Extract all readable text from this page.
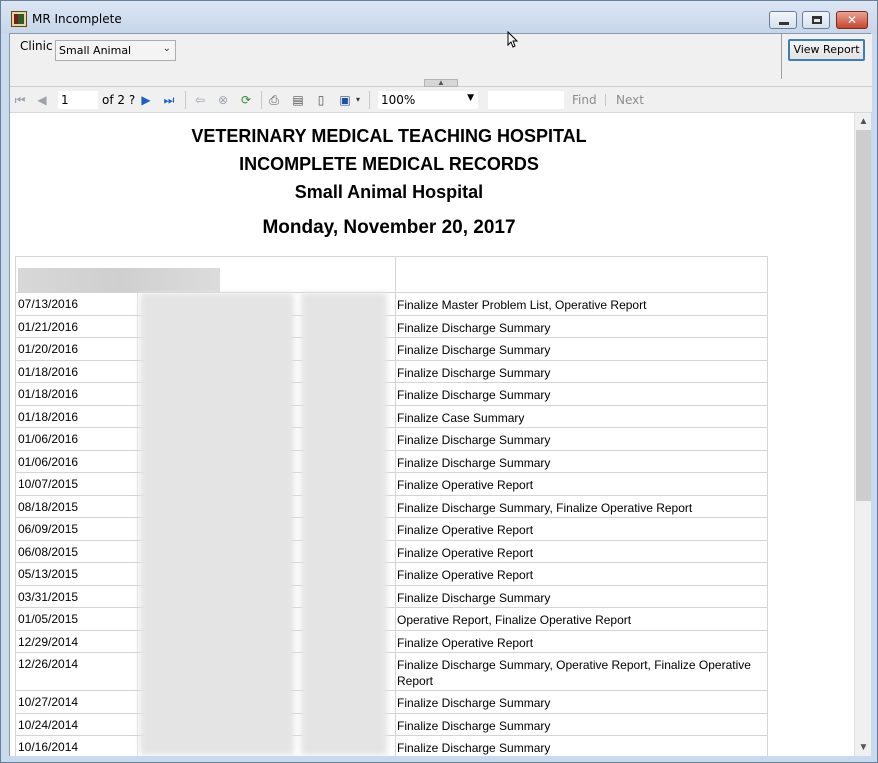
MR Incomplete	✕
Clinic Small Animal	⌄	View Report
▲
⏮ ◀ 1	of 2 ? ▶ ⏭ ⇦ ⊗ ⟳ ⎙ ▤	▯	▣ ▾	100%	▼	Find Next
VETERINARY MEDICAL TEACHING HOSPITAL
INCOMPLETE MEDICAL RECORDS
Small Animal Hospital
Monday, November 20, 2017
07/13/2016	Finalize Master Problem List, Operative Report
01/21/2016	Finalize Discharge Summary
01/20/2016	Finalize Discharge Summary
01/18/2016	Finalize Discharge Summary
01/18/2016	Finalize Discharge Summary
01/18/2016	Finalize Case Summary
01/06/2016	Finalize Discharge Summary
01/06/2016	Finalize Discharge Summary
10/07/2015	Finalize Operative Report
08/18/2015	Finalize Discharge Summary, Finalize Operative Report
06/09/2015	Finalize Operative Report
06/08/2015	Finalize Operative Report
05/13/2015	Finalize Operative Report
03/31/2015	Finalize Discharge Summary
01/05/2015	Operative Report, Finalize Operative Report
12/29/2014	Finalize Operative Report
12/26/2014	Finalize Discharge Summary, Operative Report, Finalize Operative Report
10/27/2014	Finalize Discharge Summary
10/24/2014	Finalize Discharge Summary
10/16/2014	Finalize Discharge Summary
▲
▼
